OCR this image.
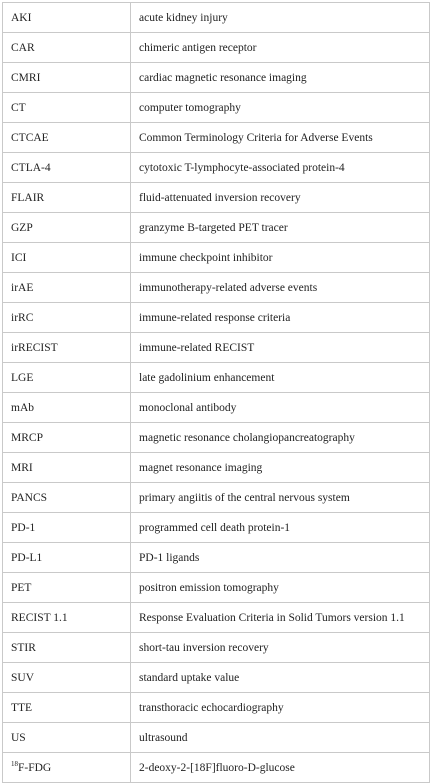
AKI	acute kidney injury
CAR	chimeric antigen receptor
CMRI	cardiac magnetic resonance imaging
CT	computer tomography
CTCAE	Common Terminology Criteria for Adverse Events
CTLA-4	cytotoxic T-lymphocyte-associated protein-4
FLAIR	fluid-attenuated inversion recovery
GZP	granzyme B-targeted PET tracer
ICI	immune checkpoint inhibitor
irAE	immunotherapy-related adverse events
irRC	immune-related response criteria
irRECIST	immune-related RECIST
LGE	late gadolinium enhancement
mAb	monoclonal antibody
MRCP	magnetic resonance cholangiopancreatography
MRI	magnet resonance imaging
PANCS	primary angiitis of the central nervous system
PD-1	programmed cell death protein-1
PD-L1	PD-1 ligands
PET	positron emission tomography
RECIST 1.1	Response Evaluation Criteria in Solid Tumors version 1.1
STIR	short-tau inversion recovery
SUV	standard uptake value
TTE	transthoracic echocardiography
US	ultrasound
$^{18}$F-FDG	2-deoxy-2-[18F]fluoro-D-glucose
